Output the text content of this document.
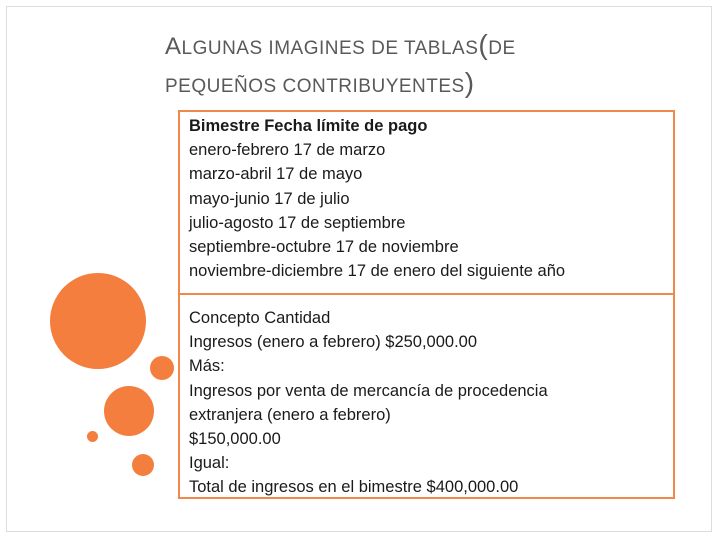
ALGUNAS IMAGINES DE TABLAS(DE
PEQUEÑOS CONTRIBUYENTES)
Bimestre Fecha límite de pago
enero-febrero 17 de marzo
marzo-abril 17 de mayo
mayo-junio 17 de julio
julio-agosto 17 de septiembre
septiembre-octubre 17 de noviembre
noviembre-diciembre 17 de enero del siguiente año
Concepto Cantidad
Ingresos (enero a febrero) $250,000.00
Más:
Ingresos por venta de mercancía de procedencia
extranjera (enero a febrero)
$150,000.00
Igual:
Total de ingresos en el bimestre $400,000.00
